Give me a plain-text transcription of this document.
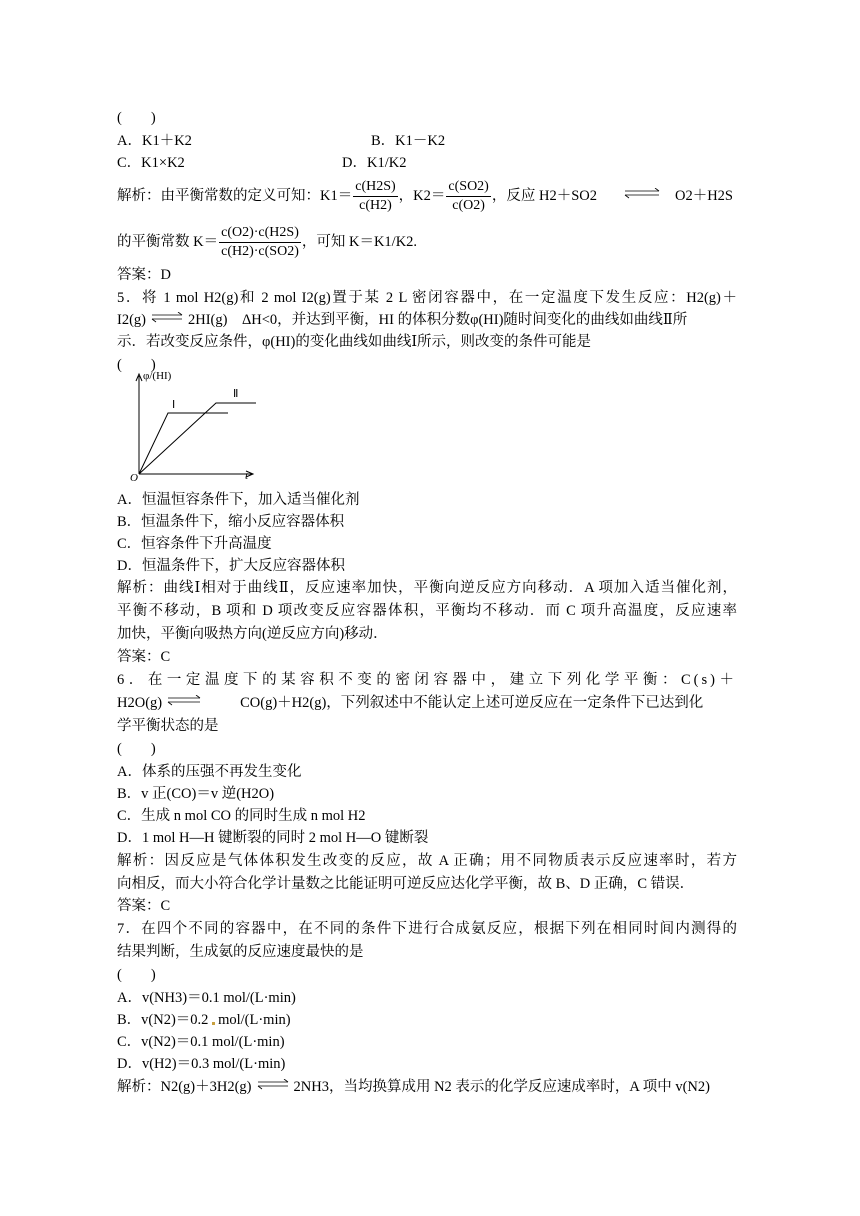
(　　)
A．K1＋K2	B．K1－K2
C．K1×K2	D．K1/K2
解析：由平衡常数的定义可知：$K1= \frac{c(H2S)}{c(H2)}$ ，$K2= \frac{c(SO2)}{c(O2)}$ ，反应 H2＋SO2	O2＋H2S
的平衡常数 $K= \frac{c(O2)\cdot c(H2S)}{c(H2)\cdot c(SO2)}$ ，可知 K＝K1/K2.
答案：D
5．将 1 mol H2(g)和 2 mol I2(g)置于某 2 L 密闭容器中，在一定温度下发生反应：H2(g)＋
I2(g) ⇌ 2HI(g)　ΔH<0，并达到平衡，HI 的体积分数φ(HI)随时间变化的曲线如曲线Ⅱ所
示．若改变反应条件，φ(HI)的变化曲线如曲线Ⅰ所示，则改变的条件可能是
(　　)
φ/(HI)
O	t
Ⅰ
Ⅱ
A．恒温恒容条件下，加入适当催化剂
B．恒温条件下，缩小反应容器体积
C．恒容条件下升高温度
D．恒温条件下，扩大反应容器体积
解析：曲线Ⅰ相对于曲线Ⅱ，反应速率加快，平衡向逆反应方向移动．A 项加入适当催化剂，
平衡不移动，B 项和 D 项改变反应容器体积，平衡均不移动．而 C 项升高温度，反应速率
加快，平衡向吸热方向(逆反应方向)移动．
答案：C
6．在一定温度下的某容积不变的密闭容器中，建立下列化学平衡：C(s)＋
H2O(g)	CO(g)＋H2(g)，下列叙述中不能认定上述可逆反应在一定条件下已达到化
学平衡状态的是
(　　)
A．体系的压强不再发生变化
B．v 正(CO)＝v 逆(H2O)
C．生成 n mol CO 的同时生成 n mol H2
D．1 mol H—H 键断裂的同时 2 mol H—O 键断裂
解析：因反应是气体体积发生改变的反应，故 A 正确；用不同物质表示反应速率时，若方
向相反，而大小符合化学计量数之比能证明可逆反应达化学平衡，故 B、D 正确，C 错误．
答案：C
7．在四个不同的容器中，在不同的条件下进行合成氨反应，根据下列在相同时间内测得的
结果判断，生成氨的反应速度最快的是
(　　)
A．v(NH3)＝0.1 mol/(L·min)
B．v(N2)＝0.2 mol/(L·min)
C．v(N2)＝0.1 mol/(L·min)
D．v(H2)＝0.3 mol/(L·min)
解析：N2(g)＋3H2(g) ⇌ 2NH3，当均换算成用 N2 表示的化学反应速成率时，A 项中 v(N2)
